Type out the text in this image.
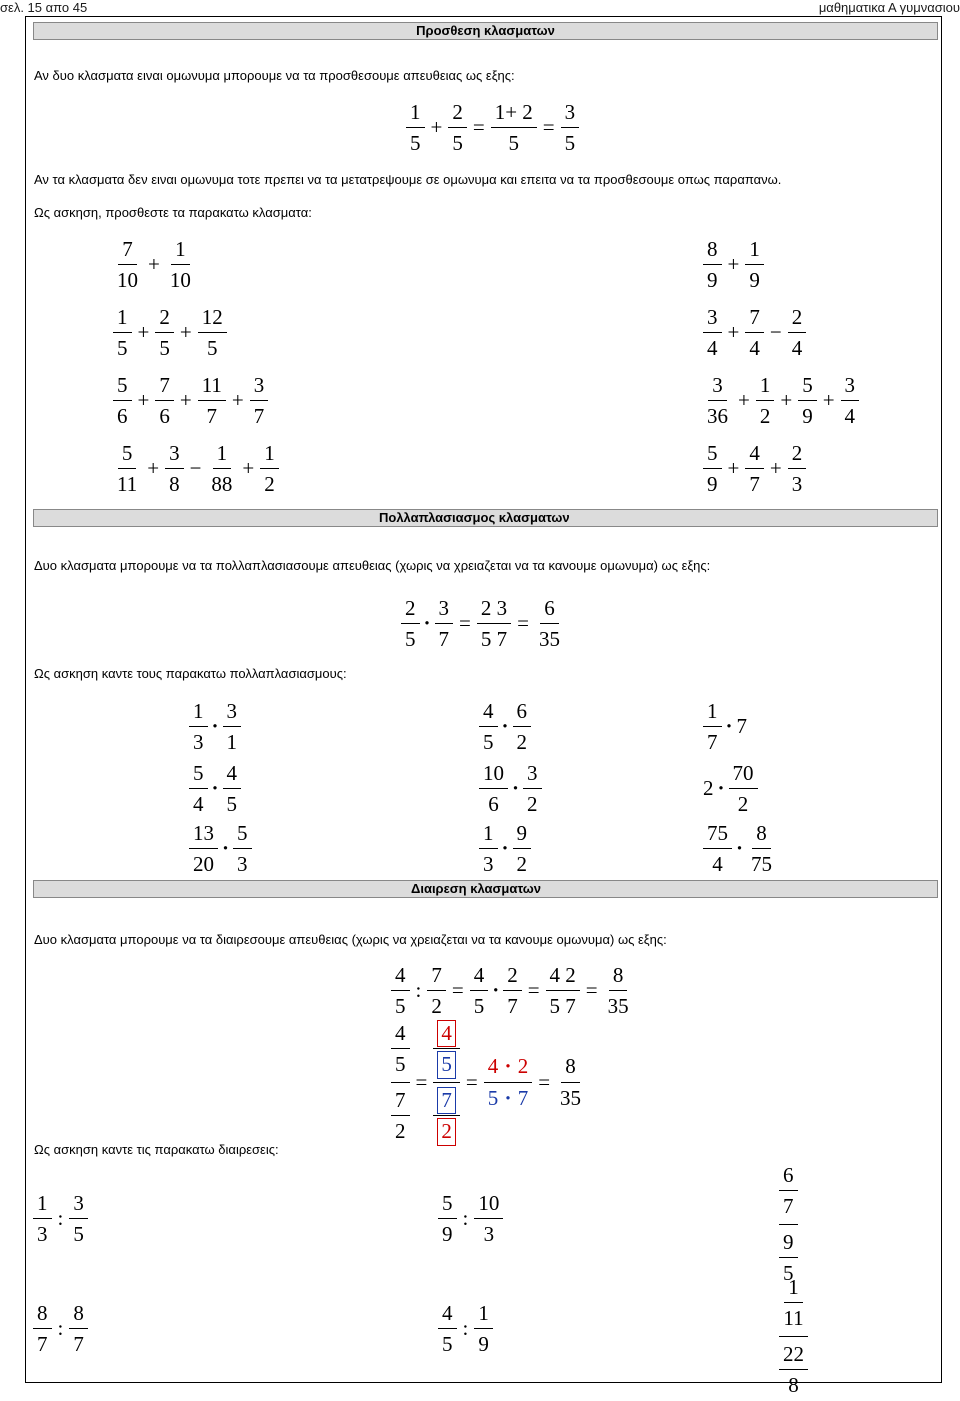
σελ. 15 απο 45	μαθηματικα Α γυμνασιου
Προσθεση κλασματων
Αν δυο κλασματα ειναι ομωνυμα μπορουμε να τα προσθεσουμε απευθειας ως εξης:
$\frac{1}{5} + \frac{2}{5} = \frac{1+ 2}{5} = \frac{3}{5}$
Αν τα κλασματα δεν ειναι ομωνυμα τοτε πρεπει να τα μετατρεψουμε σε ομωνυμα και επειτα να τα προσθεσουμε οπως παραπανω.
Ως ασκηση, προσθεστε τα παρακατω κλασματα:
Πολλαπλασιασμος κλασματων
Δυο κλασματα μπορουμε να τα πολλαπλασιασουμε απευθειας (χωρις να χρειαζεται να τα κανουμε ομωνυμα) ως εξης:
$\frac{2}{5} \cdot \frac{3}{7} = \frac{2 3}{5 7} = \frac{6}{35}$
Ως ασκηση καντε τους παρακατω πολλαπλασιασμους:
Διαιρεση κλασματων
Δυο κλασματα μπορουμε να τα διαιρεσουμε απευθειας (χωρις να χρειαζεται να τα κανουμε ομωνυμα) ως εξης:
$\frac{4}{5}$ : $\frac{7}{2} = \frac{4}{5} \cdot \frac{2}{7} = \frac{4 2}{5 7} = \frac{8}{35}$
$\frac{\frac{4}{5}}{\frac{7}{2}} = \frac{\frac{4}{5}}{\frac{7}{2}} = \frac{4 \cdot 2}{5 \cdot 7} = \frac{8}{35}$
Ως ασκηση καντε τις παρακατω διαιρεσεις:
$\frac{7}{10} + \frac{1}{10}$
$\frac{1}{5} + \frac{2}{5} + \frac{12}{5}$
$\frac{5}{6} + \frac{7}{6} + \frac{11}{7} + \frac{3}{7}$
$\frac{5}{11} + \frac{3}{8} - \frac{1}{88} + \frac{1}{2}$
$\frac{8}{9} + \frac{1}{9}$
$\frac{3}{4} + \frac{7}{4} - \frac{2}{4}$
$\frac{3}{36} + \frac{1}{2} + \frac{5}{9} + \frac{3}{4}$
$\frac{5}{9} + \frac{4}{7} + \frac{2}{3}$
$\frac{1}{3} \cdot \frac{3}{1}$
$\frac{5}{4} \cdot \frac{4}{5}$
$\frac{13}{20} \cdot \frac{5}{3}$
$\frac{4}{5} \cdot \frac{6}{2}$
$\frac{10}{6} \cdot \frac{3}{2}$
$\frac{1}{3} \cdot \frac{9}{2}$
$\frac{1}{7} \cdot 7$
$2 \cdot \frac{70}{2}$
$\frac{75}{4} \cdot \frac{8}{75}$
$\frac{1}{3}$ : $\frac{3}{5}$
$\frac{8}{7}$ : $\frac{8}{7}$
$\frac{5}{9}$ : $\frac{10}{3}$
$\frac{4}{5}$ : $\frac{1}{9}$
$\frac{\frac{6}{7}}{\frac{9}{5}}$
$\frac{\frac{1}{11}}{\frac{22}{8}}$
